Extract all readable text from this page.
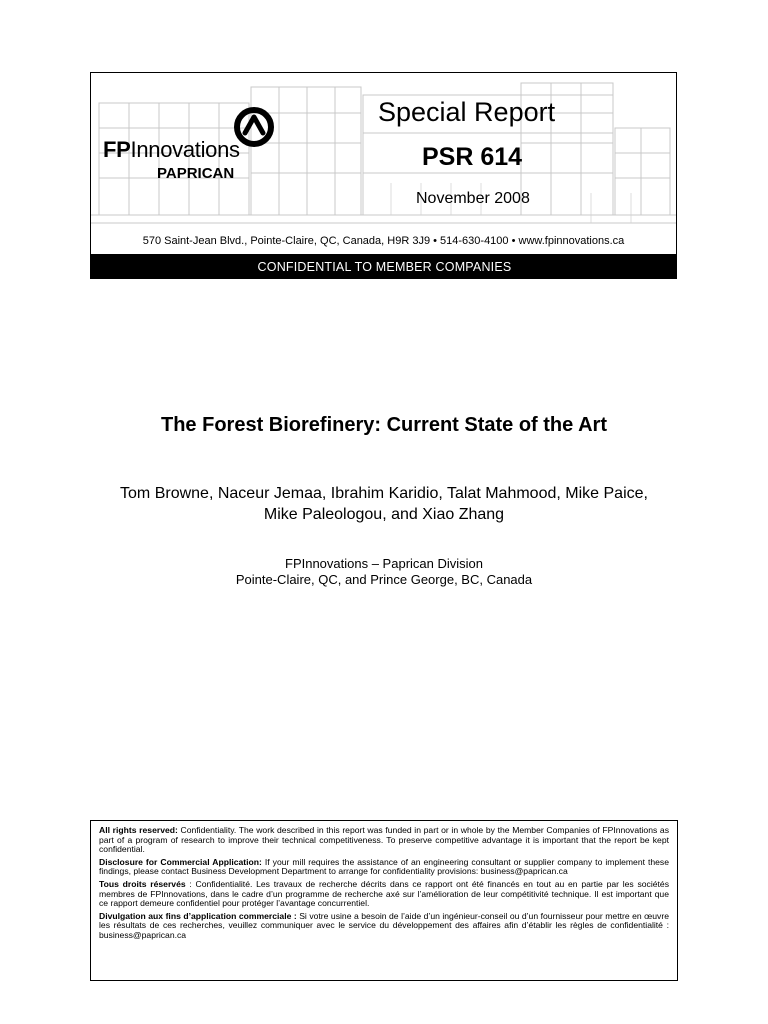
FPInnovations
PAPRICAN
Special Report
PSR 614
November 2008
570 Saint-Jean Blvd., Pointe-Claire, QC, Canada, H9R 3J9 • 514-630-4100 • www.fpinnovations.ca
CONFIDENTIAL TO MEMBER COMPANIES
The Forest Biorefinery: Current State of the Art
Tom Browne, Naceur Jemaa, Ibrahim Karidio, Talat Mahmood, Mike Paice,
Mike Paleologou, and Xiao Zhang
FPInnovations – Paprican Division
Pointe-Claire, QC, and Prince George, BC, Canada

All rights reserved: Confidentiality. The work described in this report was funded in part or in whole by the Member Companies of FPInnovations as part of a program of research to improve their technical competitiveness. To preserve competitive advantage it is important that the report be kept confidential.

Disclosure for Commercial Application: If your mill requires the assistance of an engineering consultant or supplier company to implement these findings, please contact Business Development Department to arrange for confidentiality provisions: business@paprican.ca

Tous droits réservés : Confidentialité. Les travaux de recherche décrits dans ce rapport ont été financés en tout au en partie par les sociétés membres de FPInnovations, dans le cadre d’un programme de recherche axé sur l’amélioration de leur compétitivité technique. Il est important que ce rapport demeure confidentiel pour protéger l’avantage concurrentiel.

Divulgation aux fins d’application commerciale : Si votre usine a besoin de l’aide d’un ingénieur-conseil ou d’un fournisseur pour mettre en œuvre les résultats de ces recherches, veuillez communiquer avec le service du développement des affaires afin d’établir les règles de confidentialité : business@paprican.ca
